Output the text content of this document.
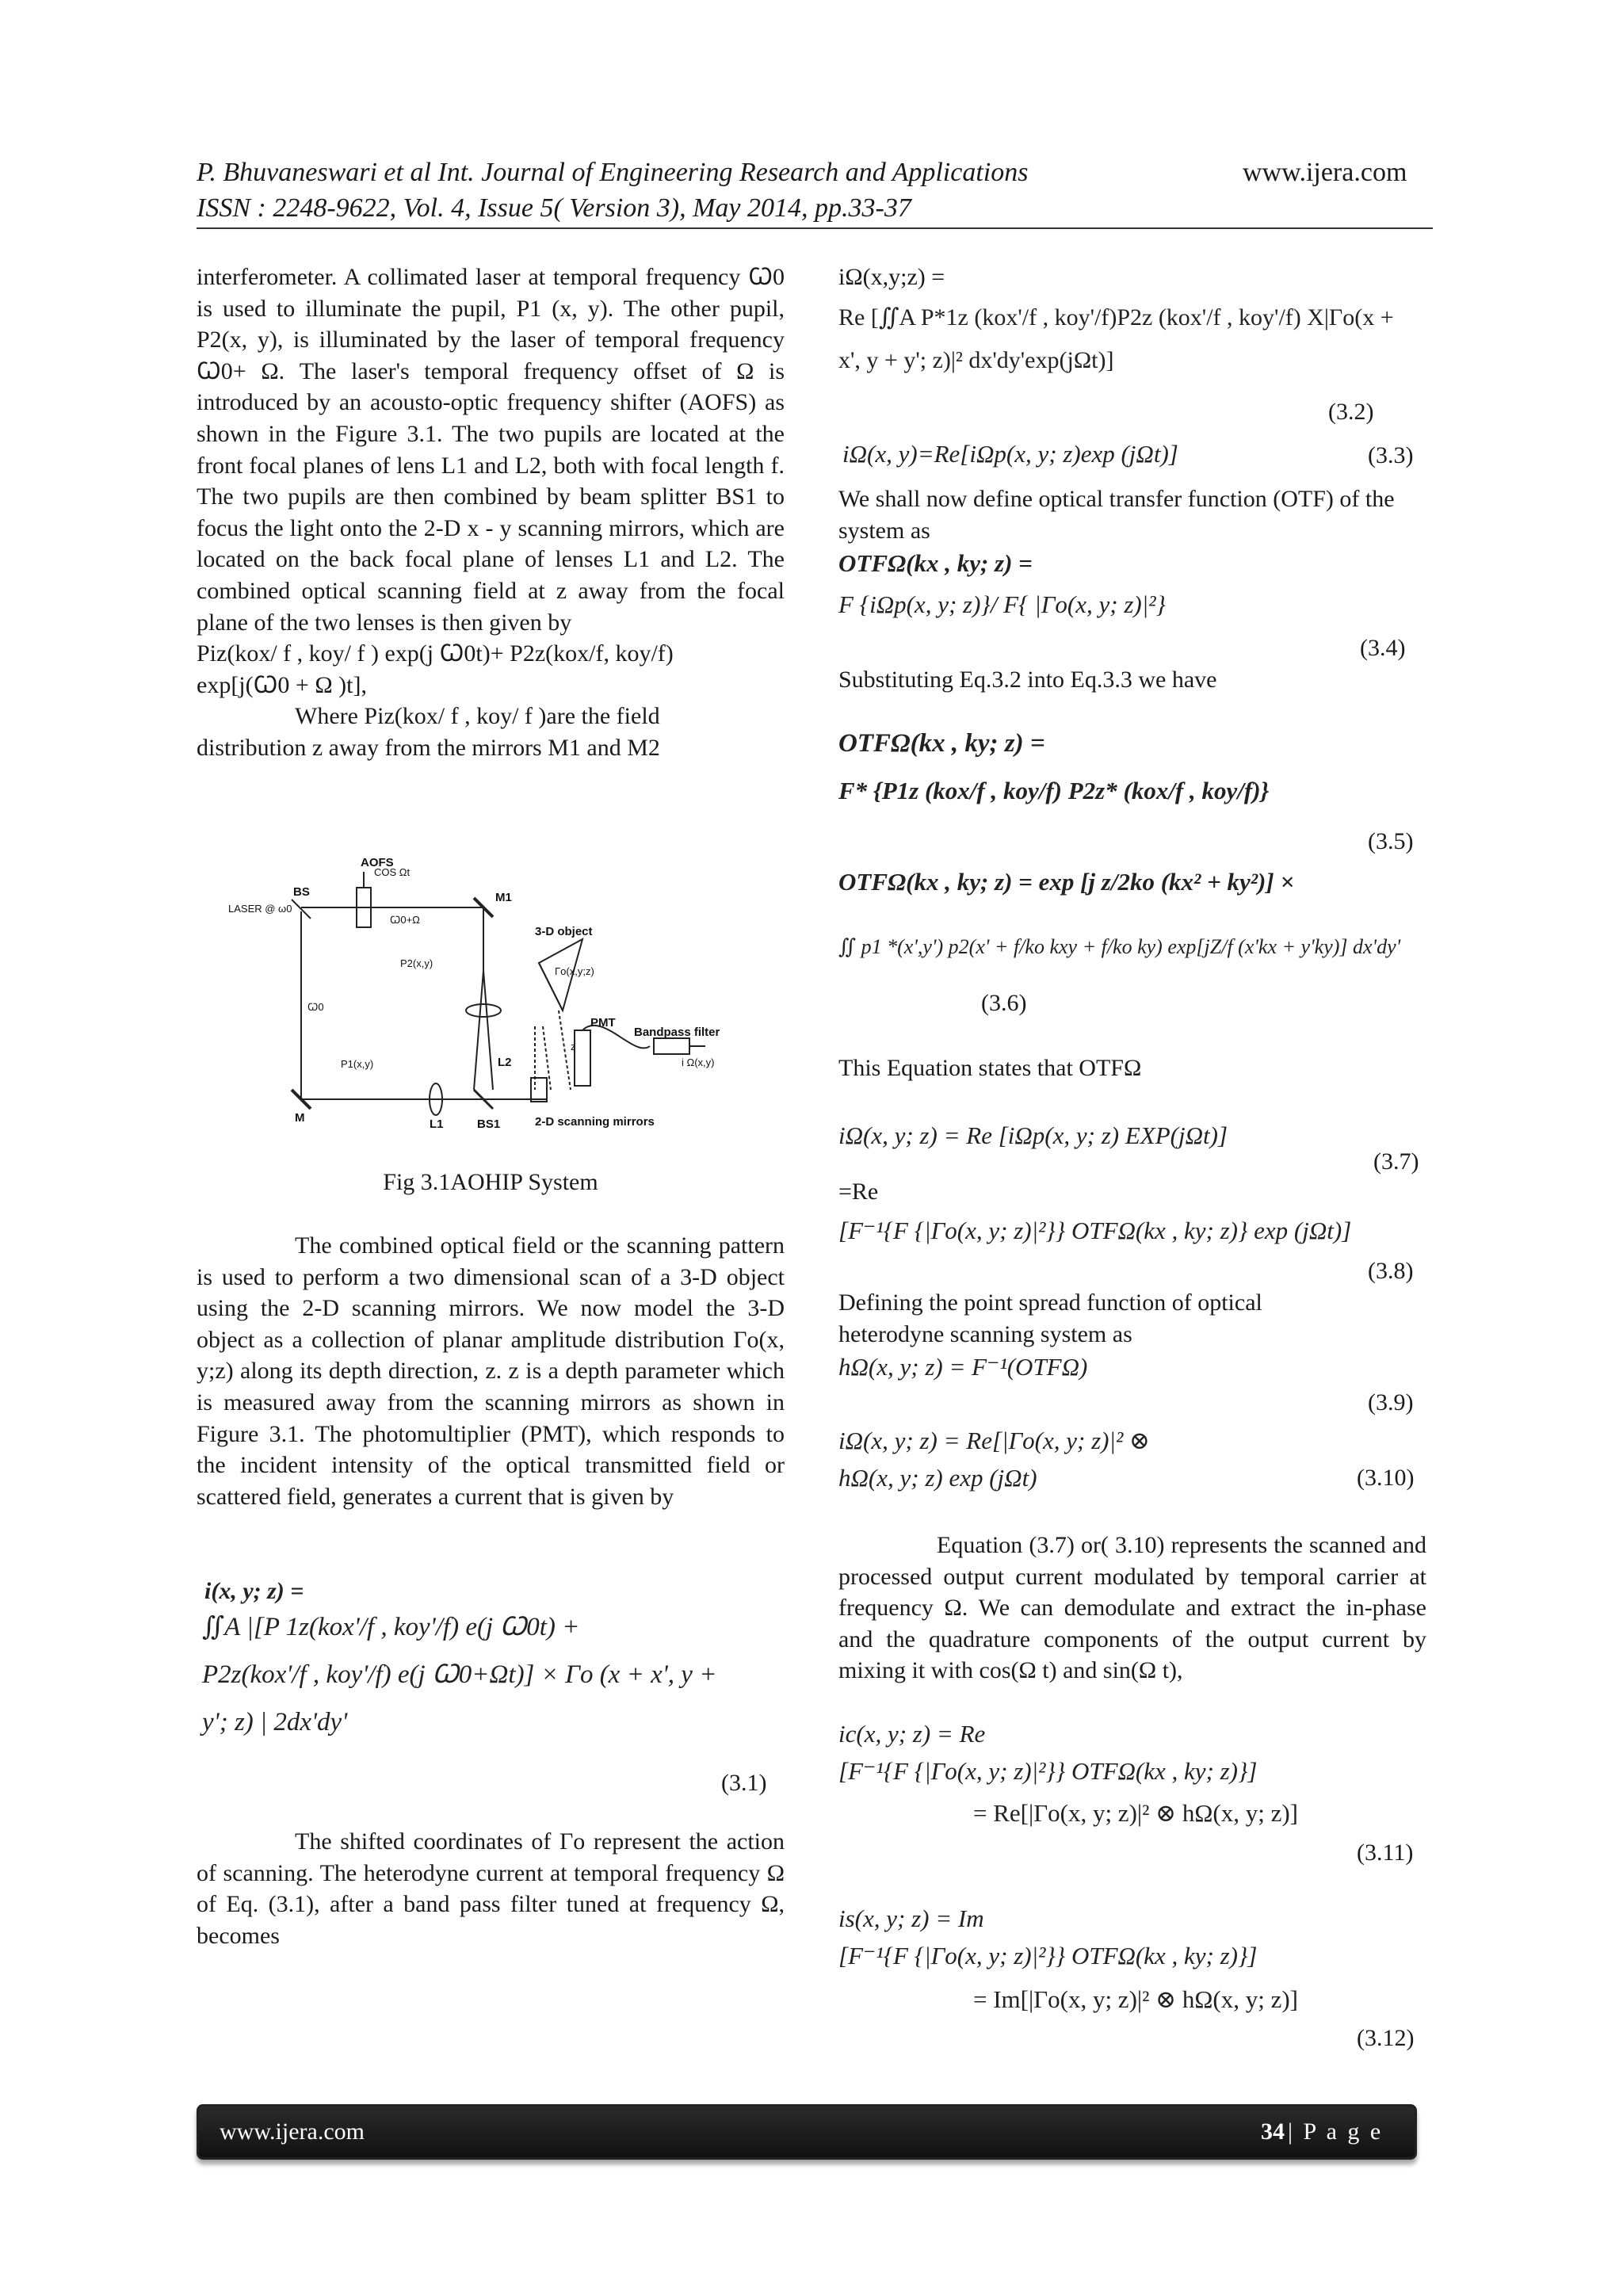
P. Bhuvaneswari et al Int. Journal of Engineering Research and Applications	www.ijera.com
ISSN : 2248-9622, Vol. 4, Issue 5( Version 3), May 2014, pp.33-37

interferometer. A collimated laser at temporal frequency Ꞷ0 is used to illuminate the pupil, P1 (x, y). The other pupil, P2(x, y), is illuminated by the laser of temporal frequency Ꞷ0+ Ω. The laser's temporal frequency offset of Ω is introduced by an acousto-optic frequency shifter (AOFS) as shown in the Figure 3.1. The two pupils are located at the front focal planes of lens L1 and L2, both with focal length f. The two pupils are then combined by beam splitter BS1 to focus the light onto the 2-D x - y scanning mirrors, which are located on the back focal plane of lenses L1 and L2. The combined optical scanning field at z away from the focal plane of the two lenses is then given by

Piz(kox/ f , koy/ f ) exp(j Ꞷ0t)+ P2z(kox/f, koy/f)

exp[j(Ꞷ0 + Ω )t],

Where Piz(kox/ f , koy/ f )are the field

distribution z away from the mirrors M1 and M2

AOFS
COS Ωt
BS
LASER @ ω0
M1
Ꞷ0+Ω
3-D object
Γo(x,y;z)
P2(x,y)
Ꞷ0
PMT
z
Bandpass filter
P1(x,y)	L2	i Ω(x,y)
M	L1	BS1	2-D scanning mirrors
Fig 3.1AOHIP System

The combined optical field or the scanning pattern is used to perform a two dimensional scan of a 3-D object using the 2-D scanning mirrors. We now model the 3-D object as a collection of planar amplitude distribution Γo(x, y;z) along its depth direction, z. z is a depth parameter which is measured away from the scanning mirrors as shown in Figure 3.1. The photomultiplier (PMT), which responds to the incident intensity of the optical transmitted field or scattered field, generates a current that is given by

i(x, y; z) =
∬A |[P 1z(kox'/f , koy'/f) e(j Ꞷ0t) +
P2z(kox'/f , koy'/f) e(j Ꞷ0+Ωt)] × Γo (x + x', y +
y'; z) | 2dx'dy'
(3.1)

The shifted coordinates of Γo represent the action of scanning. The heterodyne current at temporal frequency Ω of Eq. (3.1), after a band pass filter tuned at frequency Ω, becomes

iΩ(x,y;z) =
Re [∬A P*1z (kox'/f , koy'/f)P2z (kox'/f , koy'/f) X|Γo(x +
x', y + y'; z)|² dx'dy'exp(jΩt)]
(3.2)
iΩ(x, y)=Re[iΩp(x, y; z)exp (jΩt)]	(3.3)
We shall now define optical transfer function (OTF) of the system as
OTFΩ(kx , ky; z) =
F {iΩp(x, y; z)}/ F{ |Γo(x, y; z)|²}
(3.4)
Substituting Eq.3.2 into Eq.3.3 we have
OTFΩ(kx , ky; z) =
F* {P1z (kox/f , koy/f) P2z* (kox/f , koy/f)}
(3.5)
OTFΩ(kx , ky; z) = exp [j z/2ko (kx² + ky²)] ×
∬ p1 *(x',y') p2(x' + f/ko kxy + f/ko ky) exp[jZ/f (x'kx + y'ky)] dx'dy'
(3.6)
This Equation states that OTFΩ
iΩ(x, y; z) = Re [iΩp(x, y; z) EXP(jΩt)]
(3.7)
=Re
[F⁻¹{F {|Γo(x, y; z)|²}} OTFΩ(kx , ky; z)} exp (jΩt)]
(3.8)
Defining the point spread function of optical heterodyne scanning system as
hΩ(x, y; z) = F⁻¹(OTFΩ)
(3.9)
iΩ(x, y; z) = Re[|Γo(x, y; z)|² ⊗
hΩ(x, y; z) exp (jΩt)	(3.10)

Equation (3.7) or( 3.10) represents the scanned and processed output current modulated by temporal carrier at frequency Ω. We can demodulate and extract the in-phase and the quadrature components of the output current by mixing it with cos(Ω t) and sin(Ω t),

ic(x, y; z) = Re
[F⁻¹{F {|Γo(x, y; z)|²}} OTFΩ(kx , ky; z)}]
= Re[|Γo(x, y; z)|² ⊗ hΩ(x, y; z)]
(3.11)
is(x, y; z) = Im
[F⁻¹{F {|Γo(x, y; z)|²}} OTFΩ(kx , ky; z)}]
= Im[|Γo(x, y; z)|² ⊗ hΩ(x, y; z)]
(3.12)
www.ijera.com	34 | P a g e
